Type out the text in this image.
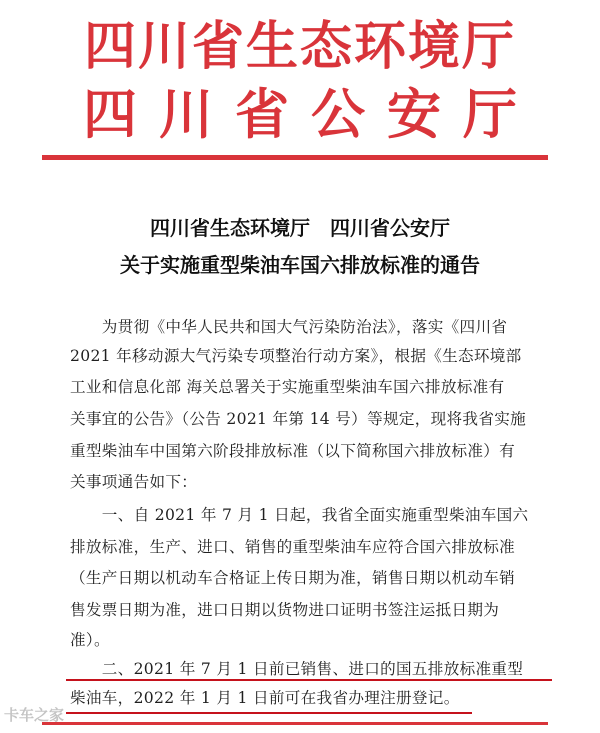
四川省生态环境厅
四川省公安厅
四川省生态环境厅　四川省公安厅
关于实施重型柴油车国六排放标准的通告
　　为贯彻《中华人民共和国大气污染防治法》，落实《四川省
2021 年移动源大气污染专项整治行动方案》，根据《生态环境部
工业和信息化部 海关总署关于实施重型柴油车国六排放标准有
关事宜的公告》（公告 2021 年第 14 号）等规定，现将我省实施
重型柴油车中国第六阶段排放标准（以下简称国六排放标准）有
关事项通告如下：
　　一、自 2021 年 7 月 1 日起，我省全面实施重型柴油车国六
排放标准，生产、进口、销售的重型柴油车应符合国六排放标准
（生产日期以机动车合格证上传日期为准，销售日期以机动车销
售发票日期为准，进口日期以货物进口证明书签注运抵日期为
准）。
　　二、2021 年 7 月 1 日前已销售、进口的国五排放标准重型
柴油车，2022 年 1 月 1 日前可在我省办理注册登记。
卡车之家
